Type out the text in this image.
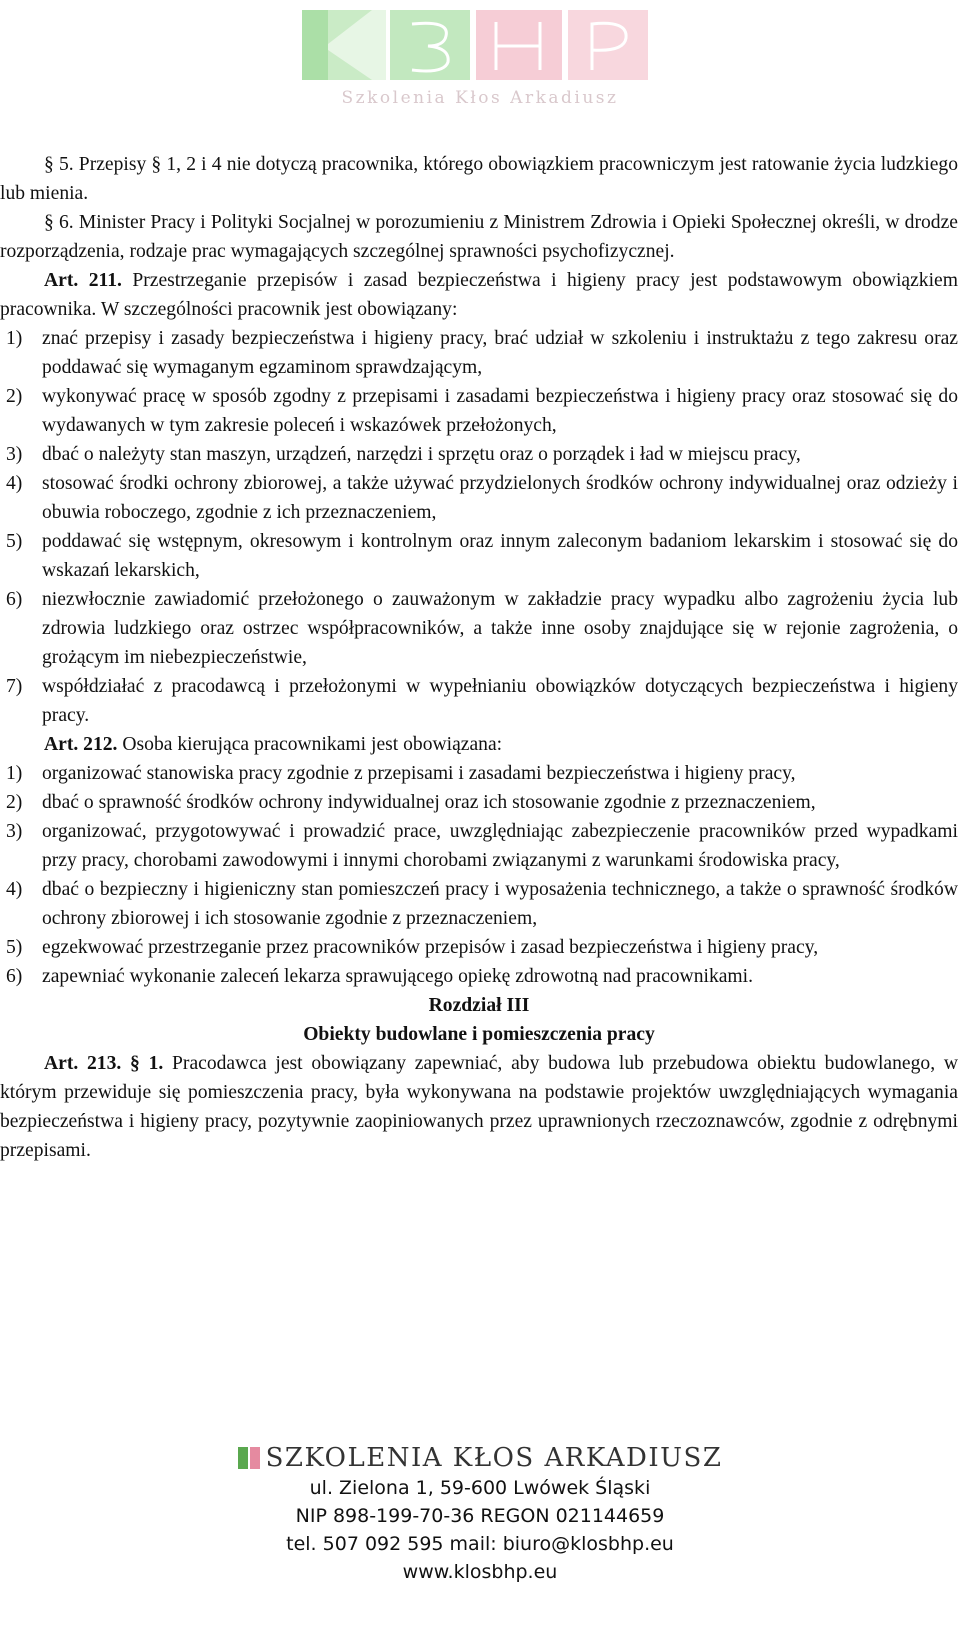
Szkolenia Kłos Arkadiusz

§ 5. Przepisy § 1, 2 i 4 nie dotyczą pracownika, którego obowiązkiem pracowniczym jest ratowanie życia ludzkiego lub mienia.

§ 6. Minister Pracy i Polityki Socjalnej w porozumieniu z Ministrem Zdrowia i Opieki Społecznej określi, w drodze rozporządzenia, rodzaje prac wymagających szczególnej sprawności psychofizycznej.

Art. 211. Przestrzeganie przepisów i zasad bezpieczeństwa i higieny pracy jest podstawowym obowiązkiem pracownika. W szczególności pracownik jest obowiązany:

1) znać przepisy i zasady bezpieczeństwa i higieny pracy, brać udział w szkoleniu i instruktażu z tego zakresu oraz poddawać się wymaganym egzaminom sprawdzającym,
2) wykonywać pracę w sposób zgodny z przepisami i zasadami bezpieczeństwa i higieny pracy oraz stosować się do wydawanych w tym zakresie poleceń i wskazówek przełożonych,
3) dbać o należyty stan maszyn, urządzeń, narzędzi i sprzętu oraz o porządek i ład w miejscu pracy,
4) stosować środki ochrony zbiorowej, a także używać przydzielonych środków ochrony indywidualnej oraz odzieży i obuwia roboczego, zgodnie z ich przeznaczeniem,
5) poddawać się wstępnym, okresowym i kontrolnym oraz innym zaleconym badaniom lekarskim i stosować się do wskazań lekarskich,
6) niezwłocznie zawiadomić przełożonego o zauważonym w zakładzie pracy wypadku albo zagrożeniu życia lub zdrowia ludzkiego oraz ostrzec współpracowników, a także inne osoby znajdujące się w rejonie zagrożenia, o grożącym im niebezpieczeństwie,
7) współdziałać z pracodawcą i przełożonymi w wypełnianiu obowiązków dotyczących bezpieczeństwa i higieny pracy.

Art. 212. Osoba kierująca pracownikami jest obowiązana:

1) organizować stanowiska pracy zgodnie z przepisami i zasadami bezpieczeństwa i higieny pracy,
2) dbać o sprawność środków ochrony indywidualnej oraz ich stosowanie zgodnie z przeznaczeniem,
3) organizować, przygotowywać i prowadzić prace, uwzględniając zabezpieczenie pracowników przed wypadkami przy pracy, chorobami zawodowymi i innymi chorobami związanymi z warunkami środowiska pracy,
4) dbać o bezpieczny i higieniczny stan pomieszczeń pracy i wyposażenia technicznego, a także o sprawność środków ochrony zbiorowej i ich stosowanie zgodnie z przeznaczeniem,
5) egzekwować przestrzeganie przez pracowników przepisów i zasad bezpieczeństwa i higieny pracy,
6) zapewniać wykonanie zaleceń lekarza sprawującego opiekę zdrowotną nad pracownikami.

Rozdział III

Obiekty budowlane i pomieszczenia pracy

Art. 213. § 1. Pracodawca jest obowiązany zapewniać, aby budowa lub przebudowa obiektu budowlanego, w którym przewiduje się pomieszczenia pracy, była wykonywana na podstawie projektów uwzględniających wymagania bezpieczeństwa i higieny pracy, pozytywnie zaopiniowanych przez uprawnionych rzeczoznawców, zgodnie z odrębnymi przepisami.

SZKOLENIA KŁOS ARKADIUSZ
ul. Zielona 1, 59-600 Lwówek Śląski
NIP 898-199-70-36 REGON 021144659
tel. 507 092 595 mail: biuro@klosbhp.eu
www.klosbhp.eu
